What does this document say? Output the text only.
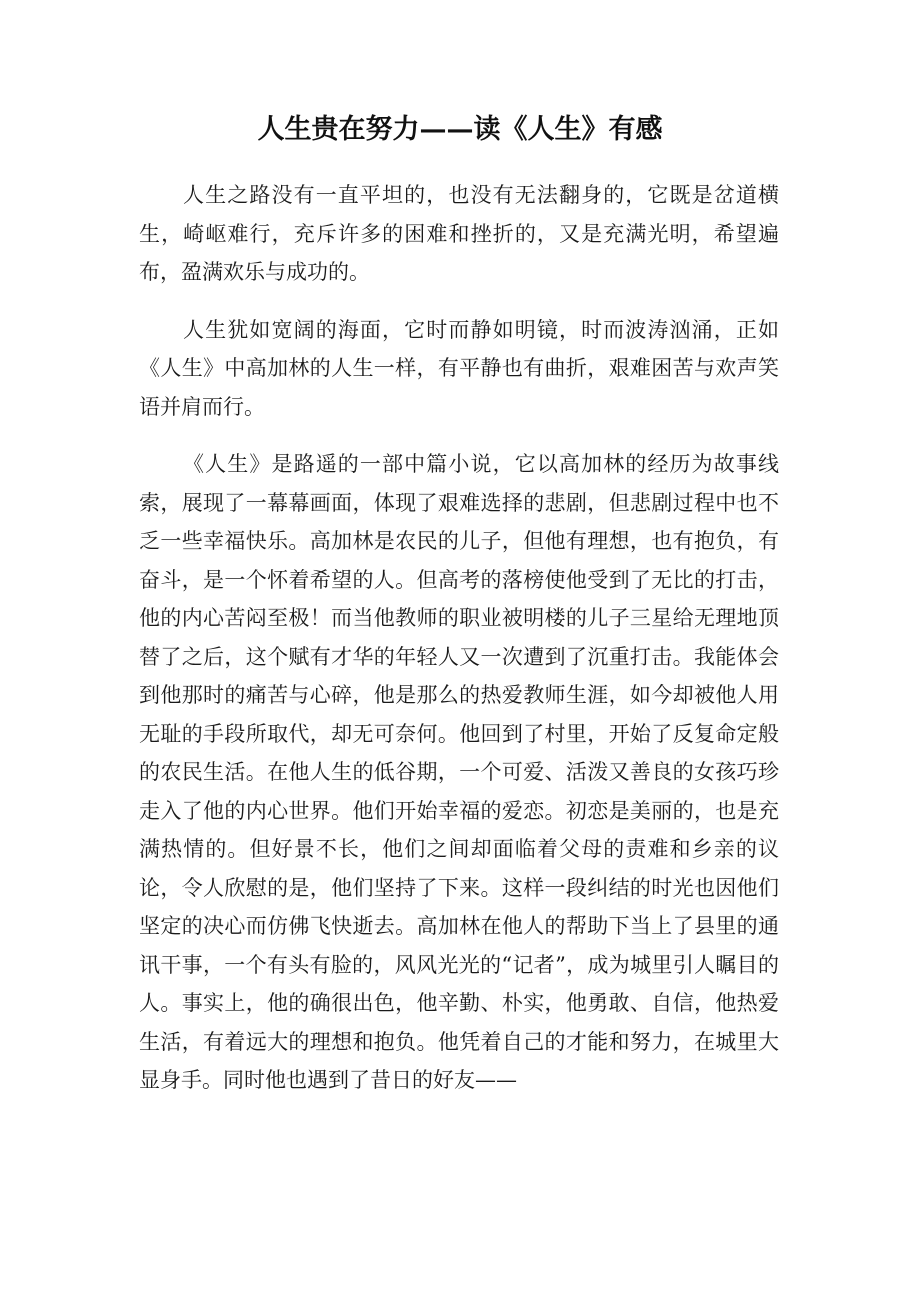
人生贵在努力——读《人生》有感

人生之路没有一直平坦的，也没有无法翻身的，它既是岔道横生，崎岖难行，充斥许多的困难和挫折的，又是充满光明，希望遍布，盈满欢乐与成功的。

人生犹如宽阔的海面，它时而静如明镜，时而波涛汹涌，正如《人生》中高加林的人生一样，有平静也有曲折，艰难困苦与欢声笑语并肩而行。

《人生》是路遥的一部中篇小说，它以高加林的经历为故事线索，展现了一幕幕画面，体现了艰难选择的悲剧，但悲剧过程中也不乏一些幸福快乐。高加林是农民的儿子，但他有理想，也有抱负，有奋斗，是一个怀着希望的人。但高考的落榜使他受到了无比的打击，他的内心苦闷至极！而当他教师的职业被明楼的儿子三星给无理地顶替了之后，这个赋有才华的年轻人又一次遭到了沉重打击。我能体会到他那时的痛苦与心碎，他是那么的热爱教师生涯，如今却被他人用无耻的手段所取代，却无可奈何。他回到了村里，开始了反复命定般的农民生活。在他人生的低谷期，一个可爱、活泼又善良的女孩巧珍走入了他的内心世界。他们开始幸福的爱恋。初恋是美丽的，也是充满热情的。但好景不长，他们之间却面临着父母的责难和乡亲的议论，令人欣慰的是，他们坚持了下来。这样一段纠结的时光也因他们坚定的决心而仿佛飞快逝去。高加林在他人的帮助下当上了县里的通讯干事，一个有头有脸的，风风光光的“记者”，成为城里引人瞩目的人。事实上，他的确很出色，他辛勤、朴实，他勇敢、自信，他热爱生活，有着远大的理想和抱负。他凭着自己的才能和努力，在城里大显身手。同时他也遇到了昔日的好友——
